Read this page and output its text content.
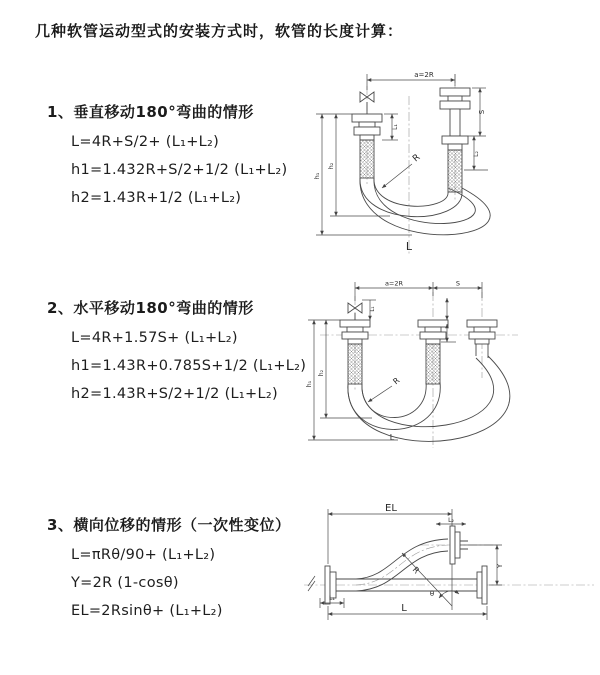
几种软管运动型式的安装方式时，软管的长度计算：

1、垂直移动180°弯曲的情形

L=4R+S/2+ (L₁+L₂)

h1=1.432R+S/2+1/2 (L₁+L₂)

h2=1.43R+1/2 (L₁+L₂)

2、水平移动180°弯曲的情形

L=4R+1.57S+ (L₁+L₂)

h1=1.43R+0.785S+1/2 (L₁+L₂)

h2=1.43R+S/2+1/2 (L₁+L₂)

3、横向位移的情形（一次性变位）

L=πRθ/90+ (L₁+L₂)

Y=2R (1-cosθ)

EL=2Rsinθ+ (L₁+L₂)

a=2R
S
L₂
L₁
h₁
h₂
R
L
a=2R	S
L₁
h₁
h₂
R
L
EL
L₂
Y
R
θ
L
L₁
